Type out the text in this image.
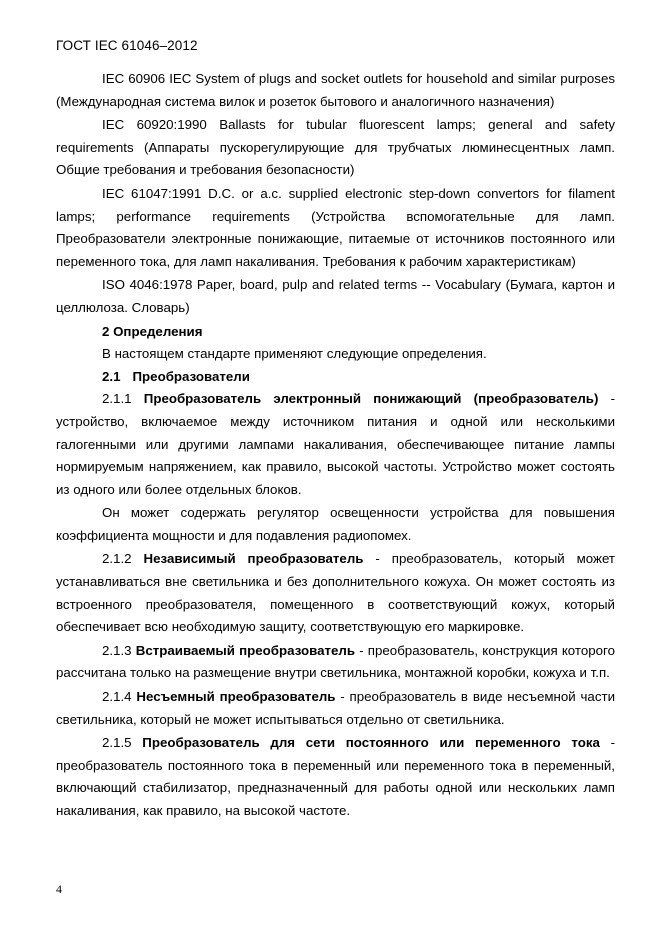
ГОСТ IEC 61046–2012

IEC 60906 IEC System of plugs and socket outlets for household and similar purposes (Международная система вилок и розеток бытового и аналогичного назначения)

IEC 60920:1990 Ballasts for tubular fluorescent lamps; general and safety requirements (Аппараты пускорегулирующие для трубчатых люминесцентных ламп. Общие требования и требования безопасности)

IEC 61047:1991 D.C. or a.c. supplied electronic step-down convertors for filament lamps; performance requirements (Устройства вспомогательные для ламп. Преобразователи электронные понижающие, питаемые от источников постоянного или переменного тока, для ламп накаливания. Требования к рабочим характеристикам)

ISO 4046:1978 Paper, board, pulp and related terms -- Vocabulary (Бумага, картон и целлюлоза. Словарь)

2 Определения

В настоящем стандарте применяют следующие определения.

2.1 Преобразователи

2.1.1 Преобразователь электронный понижающий (преобразователь) - устройство, включаемое между источником питания и одной или несколькими галогенными или другими лампами накаливания, обеспечивающее питание лампы нормируемым напряжением, как правило, высокой частоты. Устройство может состоять из одного или более отдельных блоков.

Он может содержать регулятор освещенности устройства для повышения коэффициента мощности и для подавления радиопомех.

2.1.2 Независимый преобразователь - преобразователь, который может устанавливаться вне светильника и без дополнительного кожуха. Он может состоять из встроенного преобразователя, помещенного в соответствующий кожух, который обеспечивает всю необходимую защиту, соответствующую его маркировке.

2.1.3 Встраиваемый преобразователь - преобразователь, конструкция которого рассчитана только на размещение внутри светильника, монтажной коробки, кожуха и т.п.

2.1.4 Несъемный преобразователь - преобразователь в виде несъемной части светильника, который не может испытываться отдельно от светильника.

2.1.5 Преобразователь для сети постоянного или переменного тока - преобразователь постоянного тока в переменный или переменного тока в переменный, включающий стабилизатор, предназначенный для работы одной или нескольких ламп накаливания, как правило, на высокой частоте.

4
